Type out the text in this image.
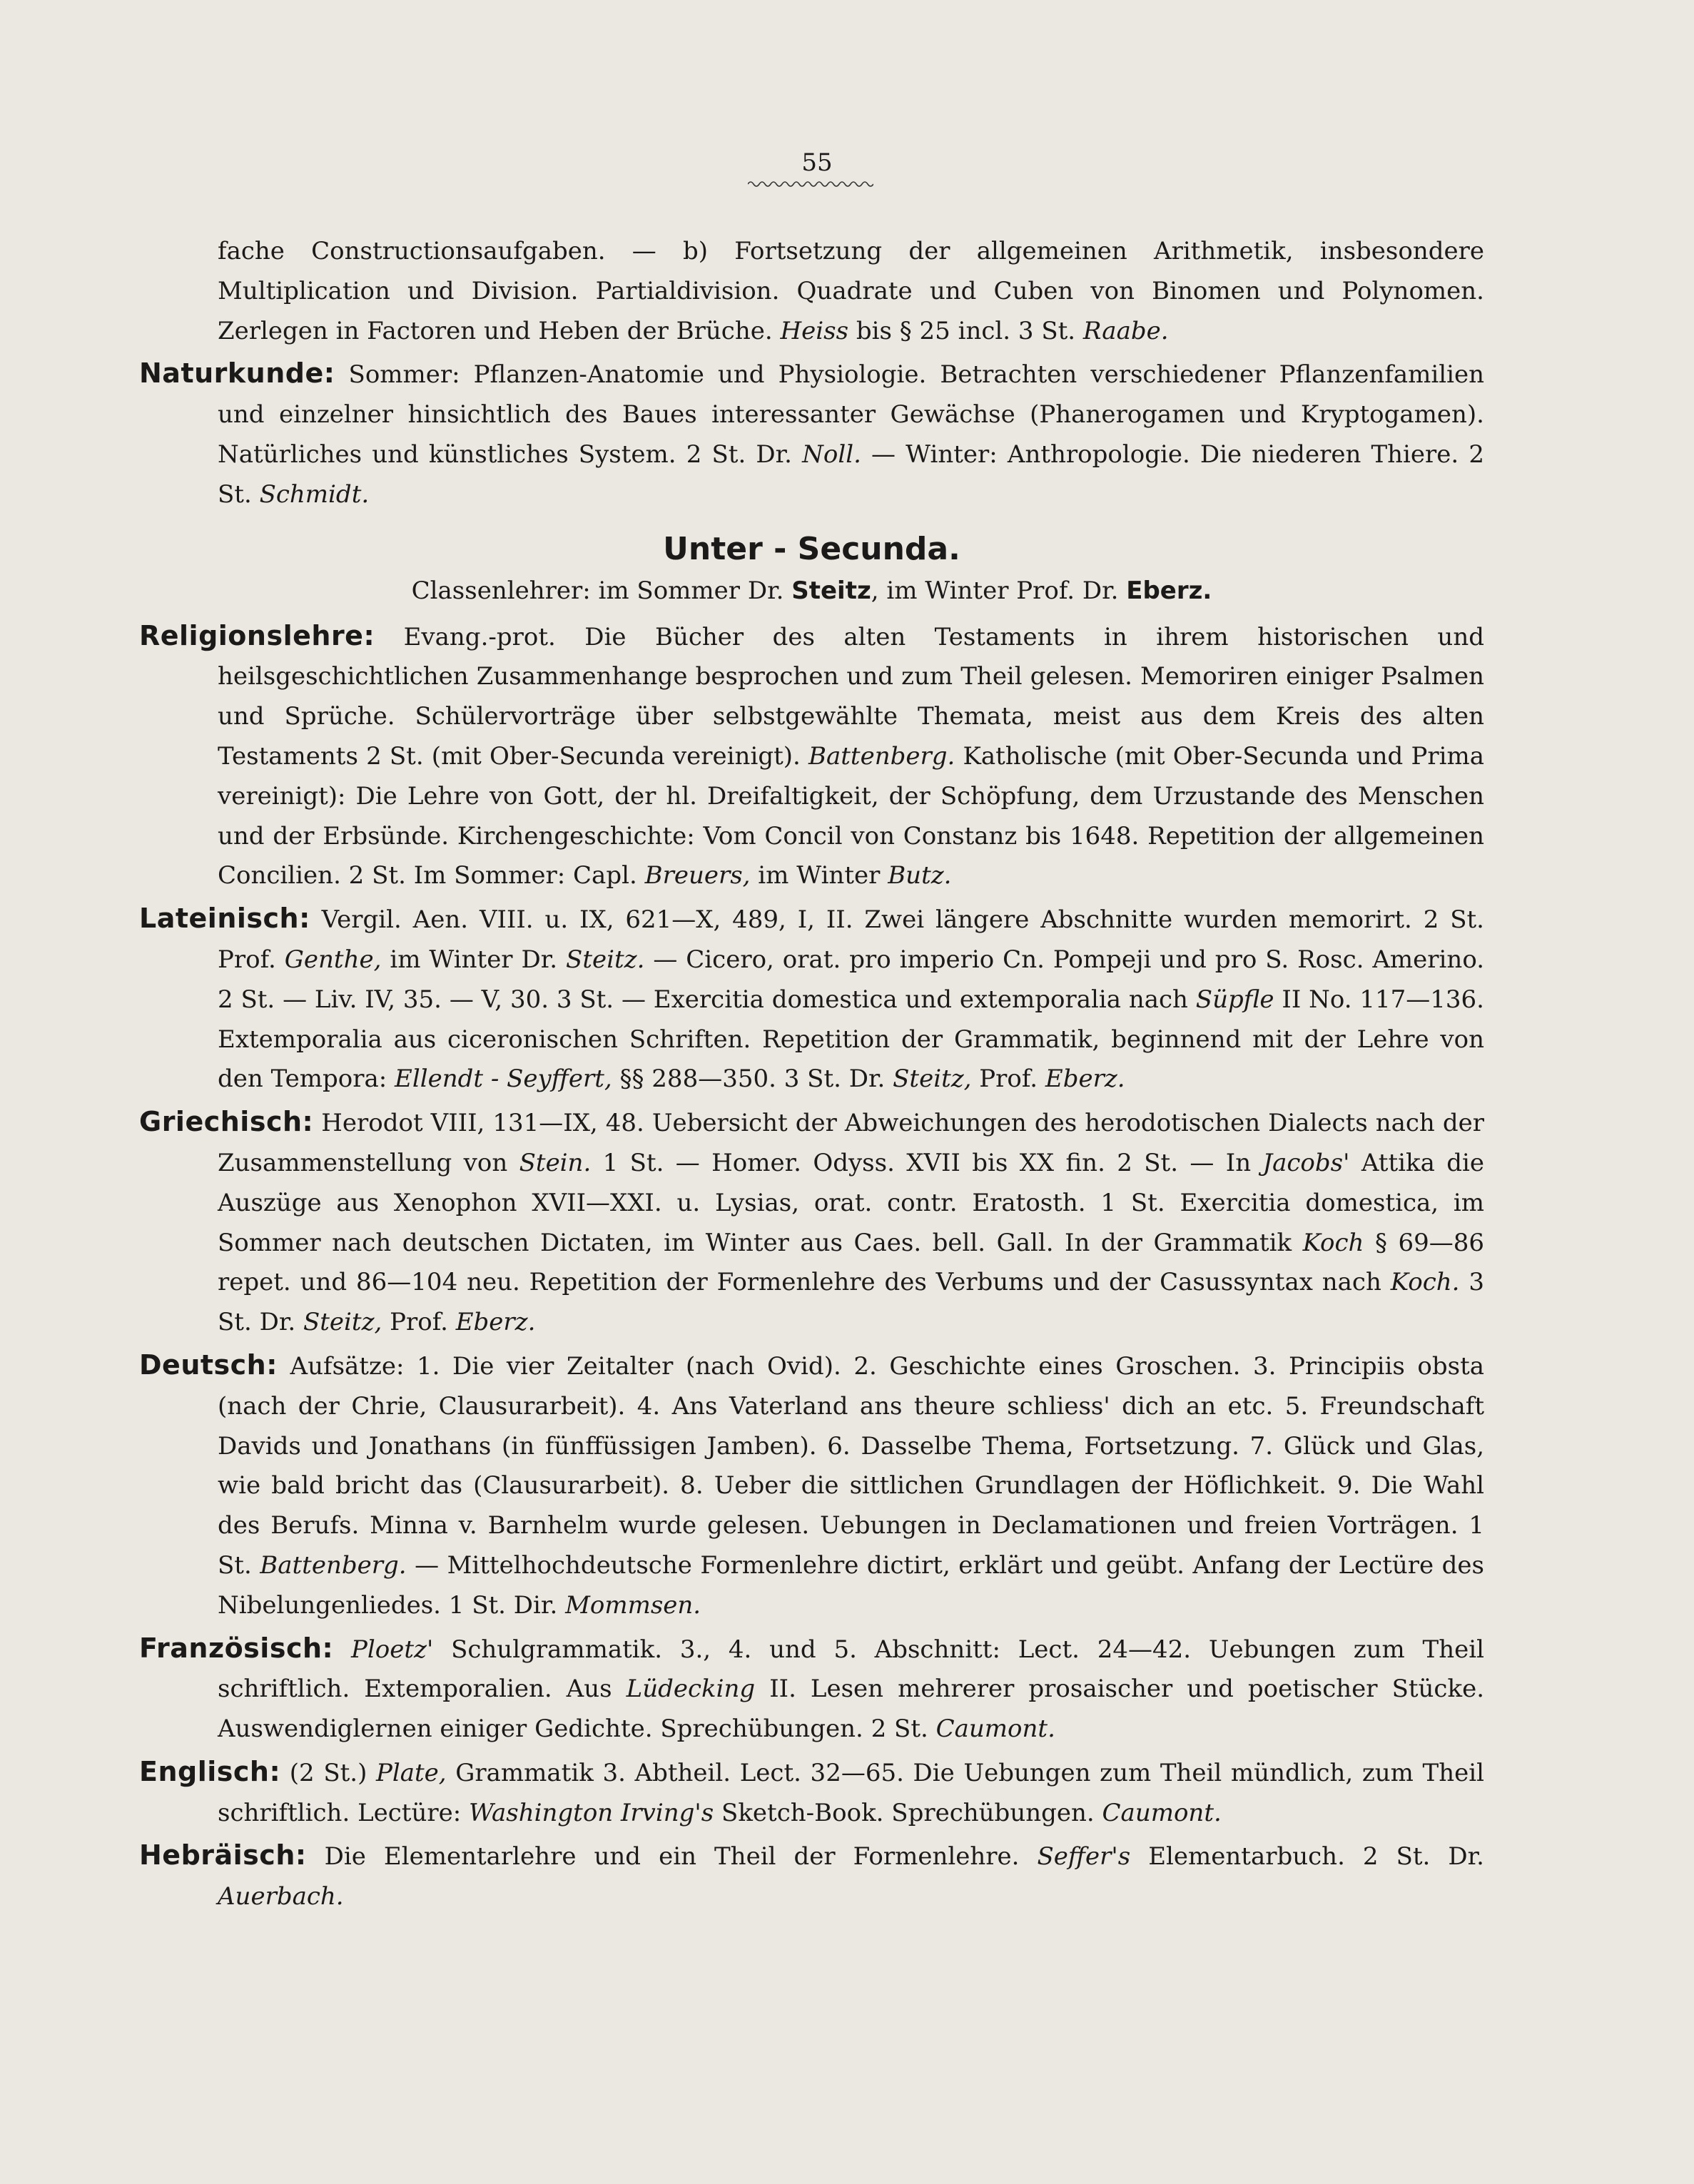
55

fache Constructionsaufgaben. — b) Fortsetzung der allgemeinen Arithmetik, insbesondere Multiplication und Division. Partialdivision. Quadrate und Cuben von Binomen und Polynomen. Zerlegen in Factoren und Heben der Brüche. Heiss bis § 25 incl. 3 St. Raabe.

Naturkunde: Sommer: Pflanzen-Anatomie und Physiologie. Betrachten verschiedener Pflanzenfamilien und einzelner hinsichtlich des Baues interessanter Gewächse (Phanerogamen und Kryptogamen). Natürliches und künstliches System. 2 St. Dr. Noll. — Winter: Anthropologie. Die niederen Thiere. 2 St. Schmidt.

Unter - Secunda.
Classenlehrer: im Sommer Dr. Steitz, im Winter Prof. Dr. Eberz.

Religionslehre: Evang.-prot. Die Bücher des alten Testaments in ihrem historischen und heilsgeschichtlichen Zusammenhange besprochen und zum Theil gelesen. Memoriren einiger Psalmen und Sprüche. Schülervorträge über selbstgewählte Themata, meist aus dem Kreis des alten Testaments 2 St. (mit Ober-Secunda vereinigt). Battenberg. Katholische (mit Ober-Secunda und Prima vereinigt): Die Lehre von Gott, der hl. Dreifaltigkeit, der Schöpfung, dem Urzustande des Menschen und der Erbsünde. Kirchengeschichte: Vom Concil von Constanz bis 1648. Repetition der allgemeinen Concilien. 2 St. Im Sommer: Capl. Breuers, im Winter Butz.

Lateinisch: Vergil. Aen. VIII. u. IX, 621—X, 489, I, II. Zwei längere Abschnitte wurden memorirt. 2 St. Prof. Genthe, im Winter Dr. Steitz. — Cicero, orat. pro imperio Cn. Pompeji und pro S. Rosc. Amerino. 2 St. — Liv. IV, 35. — V, 30. 3 St. — Exercitia domestica und extemporalia nach Süpfle II No. 117—136. Extemporalia aus ciceronischen Schriften. Repetition der Grammatik, beginnend mit der Lehre von den Tempora: Ellendt - Seyffert, §§ 288—350. 3 St. Dr. Steitz, Prof. Eberz.

Griechisch: Herodot VIII, 131—IX, 48. Uebersicht der Abweichungen des herodotischen Dialects nach der Zusammenstellung von Stein. 1 St. — Homer. Odyss. XVII bis XX fin. 2 St. — In Jacobs' Attika die Auszüge aus Xenophon XVII—XXI. u. Lysias, orat. contr. Eratosth. 1 St. Exercitia domestica, im Sommer nach deutschen Dictaten, im Winter aus Caes. bell. Gall. In der Grammatik Koch § 69—86 repet. und 86—104 neu. Repetition der Formenlehre des Verbums und der Casussyntax nach Koch. 3 St. Dr. Steitz, Prof. Eberz.

Deutsch: Aufsätze: 1. Die vier Zeitalter (nach Ovid). 2. Geschichte eines Groschen. 3. Principiis obsta (nach der Chrie, Clausurarbeit). 4. Ans Vaterland ans theure schliess' dich an etc. 5. Freundschaft Davids und Jonathans (in fünffüssigen Jamben). 6. Dasselbe Thema, Fortsetzung. 7. Glück und Glas, wie bald bricht das (Clausurarbeit). 8. Ueber die sittlichen Grundlagen der Höflichkeit. 9. Die Wahl des Berufs. Minna v. Barnhelm wurde gelesen. Uebungen in Declamationen und freien Vorträgen. 1 St. Battenberg. — Mittelhochdeutsche Formenlehre dictirt, erklärt und geübt. Anfang der Lectüre des Nibelungenliedes. 1 St. Dir. Mommsen.

Französisch: Ploetz' Schulgrammatik. 3., 4. und 5. Abschnitt: Lect. 24—42. Uebungen zum Theil schriftlich. Extemporalien. Aus Lüdecking II. Lesen mehrerer prosaischer und poetischer Stücke. Auswendiglernen einiger Gedichte. Sprechübungen. 2 St. Caumont.

Englisch: (2 St.) Plate, Grammatik 3. Abtheil. Lect. 32—65. Die Uebungen zum Theil mündlich, zum Theil schriftlich. Lectüre: Washington Irving's Sketch-Book. Sprechübungen. Caumont.

Hebräisch: Die Elementarlehre und ein Theil der Formenlehre. Seffer's Elementarbuch. 2 St. Dr. Auerbach.
